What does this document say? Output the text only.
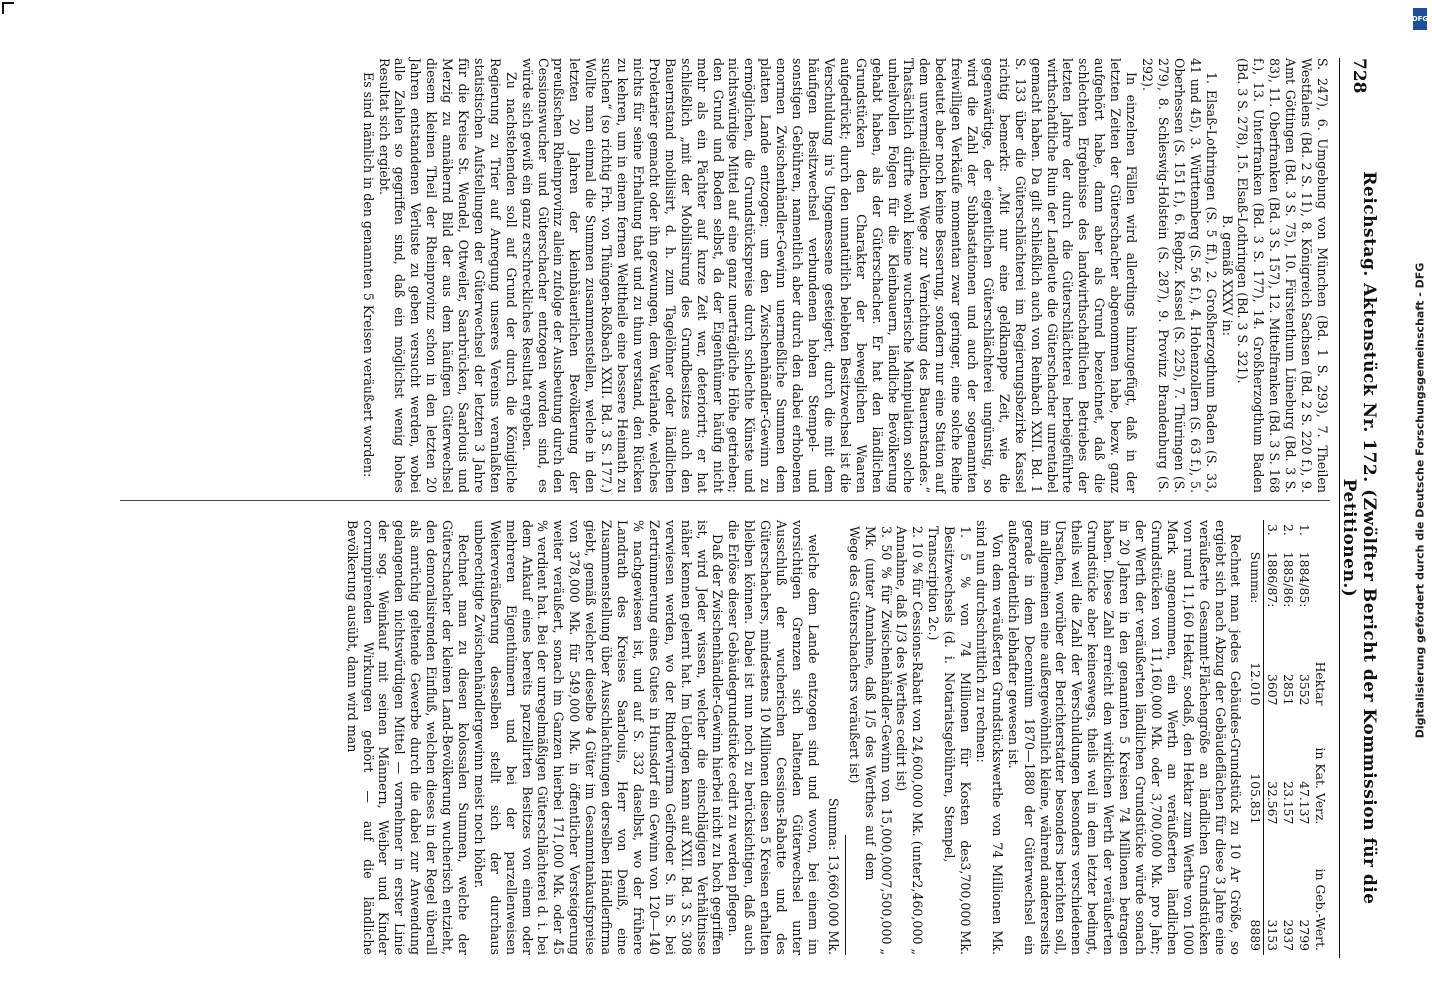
728
Reichstag. Aktenstück Nr. 172. (Zwölfter Bericht der Kommission für die Petitionen.)

S. 247), 6. Umgebung von München (Bd. 1 S. 293), 7. Theilen Westfalens (Bd. 2 S. 11), 8. Königreich Sachsen (Bd. 2 S. 220 f.), 9. Amt Göttingen (Bd. 3 S. 75), 10. Fürstenthum Lüneburg (Bd. 3 S. 83), 11. Oberfranken (Bd. 3 S. 157), 12. Mittelfranken (Bd. 3 S. 168 f.), 13. Unterfranken (Bd. 3 S. 177), 14. Großherzogthum Baden (Bd. 3 S. 278), 15. Elsaß-Lothringen (Bd. 3 S. 321).

B. gemäß XXXV in:

1. Elsaß-Lothringen (S. 5 ff.), 2. Großherzogthum Baden (S. 33, 41 und 45), 3. Württemberg (S. 56 f.), 4. Hohenzollern (S. 63 f.), 5. Oberhessen (S. 151 f.), 6. Regbz. Kassel (S. 225), 7. Thüringen (S. 279), 8. Schleswig-Holstein (S. 287), 9. Provinz Brandenburg (S. 292).

In einzelnen Fällen wird allerdings hinzugefügt, daß in der letzten Zeiten der Güterschacher abgenommen habe, bezw. ganz aufgehört habe, dann aber als Grund bezeichnet, daß die schlechten Ergebnisse des landwirthschaftlichen Betriebes der letzten Jahre der durch die Güterschlächterei herbeigeführte wirthschaftliche Ruin der Landleute die Güterschacher unrentabel gemacht haben. Da gilt schließlich auch von Reinbach XXII. Bd. 1 S. 133 über die Güterschlächterei im Regierungsbezirke Kassel richtig bemerkt: „Mit nur eine geldknappe Zeit, wie die gegenwärtige, der eigentlichen Güterschlächterei ungünstig, so wird die Zahl der Subhastationen und auch der sogenannten freiwilligen Verkäufe momentan zwar geringer, eine solche Reihe bedeutet aber noch keine Besserung, sondern nur eine Station auf dem unvermeidlichen Wege zur Vernichtung des Bauernstandes.“ Thatsächlich dürfte wohl keine wucherische Manipulation solche unheilvollen Folgen für die Kleinbauern, ländliche Bevölkerung gehabt haben, als der Güterschacher. Er hat den ländlichen Grundstücken den Charakter der beweglichen Waaren aufgedrückt; durch den unnatürlich belebten Besitzwechsel ist die Verschuldung in's Ungemessene gesteigert; durch die mit dem häufigen Besitzwechsel verbundenen hohen Stempel- und sonstigen Gebühren, namentlich aber durch den dabei erhobenen enormen Zwischenhändler-Gewinn unermeßliche Summen dem platten Lande entzogen; um den Zwischenhändler-Gewinn zu ermöglichen, die Grundstückspreise durch schlechte Künste und nichtswürdige Mittel auf eine ganz unerträgliche Höhe getrieben; den Grund und Boden selbst, da der Eigenthümer häufig nicht mehr als ein Pächter auf kurze Zeit war, deteriorirt; er hat schließlich „mit der Mobilisirung des Grundbesitzes auch den Bauernstand mobilisirt, d. h. zum Tagelöhner oder ländlichen Proletarier gemacht oder ihn gezwungen, dem Vaterlande, welches nichts für seine Erhaltung that und zu thun verstand, den Rücken zu kehren, um in einem fernen Welttheile eine bessere Heimath zu suchen“ (so richtig Frh. von Thüngen-Roßbach XXII. Bd. 3 S. 177.) Wollte man einmal die Summen zusammenstellen, welche in den letzten 20 Jahren der kleinbäuerlichen Bevölkerung der preußischen Rheinprovinz allein zufolge der Ausbeutung durch den Cessionswucher und Güterschacher entzogen worden sind, es würde sich gewiß ein ganz erschreckliches Resultat ergeben.

Zu nachstehenden soll auf Grund der durch die Königliche Regierung zu Trier auf Anregung unseres Vereins veranlaßten statistischen Aufstellungen der Güterwechsel der letzten 3 Jahre für die Kreise St. Wendel, Ottweiler, Saarbrücken, Saarlouis und Merzig zu annähernd Bild der aus dem häufigen Güterwechsel diesem kleinen Theil der Rheinprovinz schon in den letzten 20 Jahren entstandenen Verluste zu geben versucht werden, wobei alle Zahlen so gegriffen sind, daß ein möglichst wenig hohes Resultat sich ergiebt.

Es sind nämlich in den genannten 5 Kreisen veräußert worden:

		Hektar	in Kat. Verz.	in Geb.-Wert.
1.	1884/85:	3552	47.137	2799
2.	1885/86:	2851	23.157	2937
3.	1886/87:	3607	32.567	3153
	Summa:	12.010	105.851	8889

Rechnet man jedes Gebäudes-Grundstück zu 10 Ar Größe, so ergiebt sich nach Abzug der Gebäudeflächen für diese 3 Jahre eine veräußerte Gesammt-Flächengröße an ländlichen Grundstücken von rund 11,160 Hektar, sodaß, den Hektar zum Werthe von 1000 Mark angenommen, ein Werth an veräußerten ländlichen Grundstücken von 11,160,000 Mk. oder 3,700,000 Mk. pro Jahr; der Werth der veräußerten ländlichen Grundstücke würde sonach in 20 Jahren in den genannten 5 Kreisen 74 Millionen betragen haben. Diese Zahl erreicht den wirklichen Werth der veräußerten Grundstücke aber keineswegs, theils weil in dem letzter bedingt, theils weil die Zahl der Verschuldungen besonders verschiedenen Ursachen, worüber der Berichterstatter besonders berichten soll, im allgemeinen eine außergewöhnlich kleine, während andererseits gerade in dem Decennium 1870—1880 der Güterwechsel ein außerordentlich lebhafter gewesen ist.

Von dem veräußerten Grundstückswerthe von 74 Millionen Mk. sind nun durchschnittlich zu rechnen:

1. 5 % von 74 Millionen für Kosten des Besitzwechsels (d. i. Notariatsgebühren, Stempel, Transcription 2c.)
3,700,000 Mk.
2. 10 % für Cessions-Rabatt von 24,600,000 Mk. (unter Annahme, daß 1/3 des Werthes cedirt ist)
2,460,000 „
3. 50 % für Zwischenhändler-Gewinn von 15,000,000 Mk. (unter Annahme, daß 1/5 des Werthes auf dem Wege des Güterschachers veräußert ist)
7,500,000 „
Summa: 13,660,000 Mk.

welche dem Lande entzogen sind und wovon, bei einem im vorsichtigen Grenzen sich haltenden Güterwechsel unter Ausschluß der wucherischen Cessions-Rabatte und des Güterschachers, mindestens 10 Millionen diesen 5 Kreisen erhalten bleiben können. Dabei ist nun noch zu berücksichtigen, daß auch die Erlöse dieser Gebäudegrundstücke cedirt zu werden pflegen.

Daß der Zwischenhändler-Gewinn hierbei nicht zu hoch gegriffen ist, wird Jeder wissen, welcher die einschlägigen Verhältnisse näher kennen gelernt hat. Im Uebrigen kann auf XXII. Bd. 3 S. 308 verwiesen werden, wo der Rinderwirma Geifroder S. in S. bei Zertrümmerung eines Gutes in Hunsdorf ein Gewinn von 120—140 % nachgewiesen ist, und auf S. 332 daselbst, wo der frühere Landrath des Kreises Saarlouis, Herr von Deniß, eine Zusammenstellung über Ausschlachtungen derselben Händlerfirma giebt, gemäß welcher dieselbe 4 Güter im Gesammtankaufspreise von 378,000 Mk. für 549,000 Mk. in öffentlicher Versteigerung weiter veräußert, sonach im Ganzen hierbei 171,000 Mk. oder 45 % verdient hat. Bei der unregelmäßigen Güterschlächterei d. i. bei dem Ankauf eines bereits parzellirten Besitzes von einem oder mehreren Eigenthümern und bei der parzellenweisen Weiterveräußerung desselben stellt sich der durchaus unberechtigte Zwischenhändlergewinn meist noch höher.

Rechnet man zu diesen kolossalen Summen, welche der Güterschacher der kleinen Land-Bevölkerung wucherisch entzieht, den demoralisirenden Einfluß, welchen dieses in der Regel überall als anrüchig geltende Gewerbe durch die dabei zur Anwendung gelangenden nichtswürdigen Mittel — vornehmer in erster Linie der sog. Weinkauf mit seinen Männern, Weiber und Kinder corrumpirenden Wirkungen gehört — auf die ländliche Bevölkerung ausübt, dann wird man

DFG
Digitalisierung gefördert durch die Deutsche Forschungsgemeinschaft - DFG
